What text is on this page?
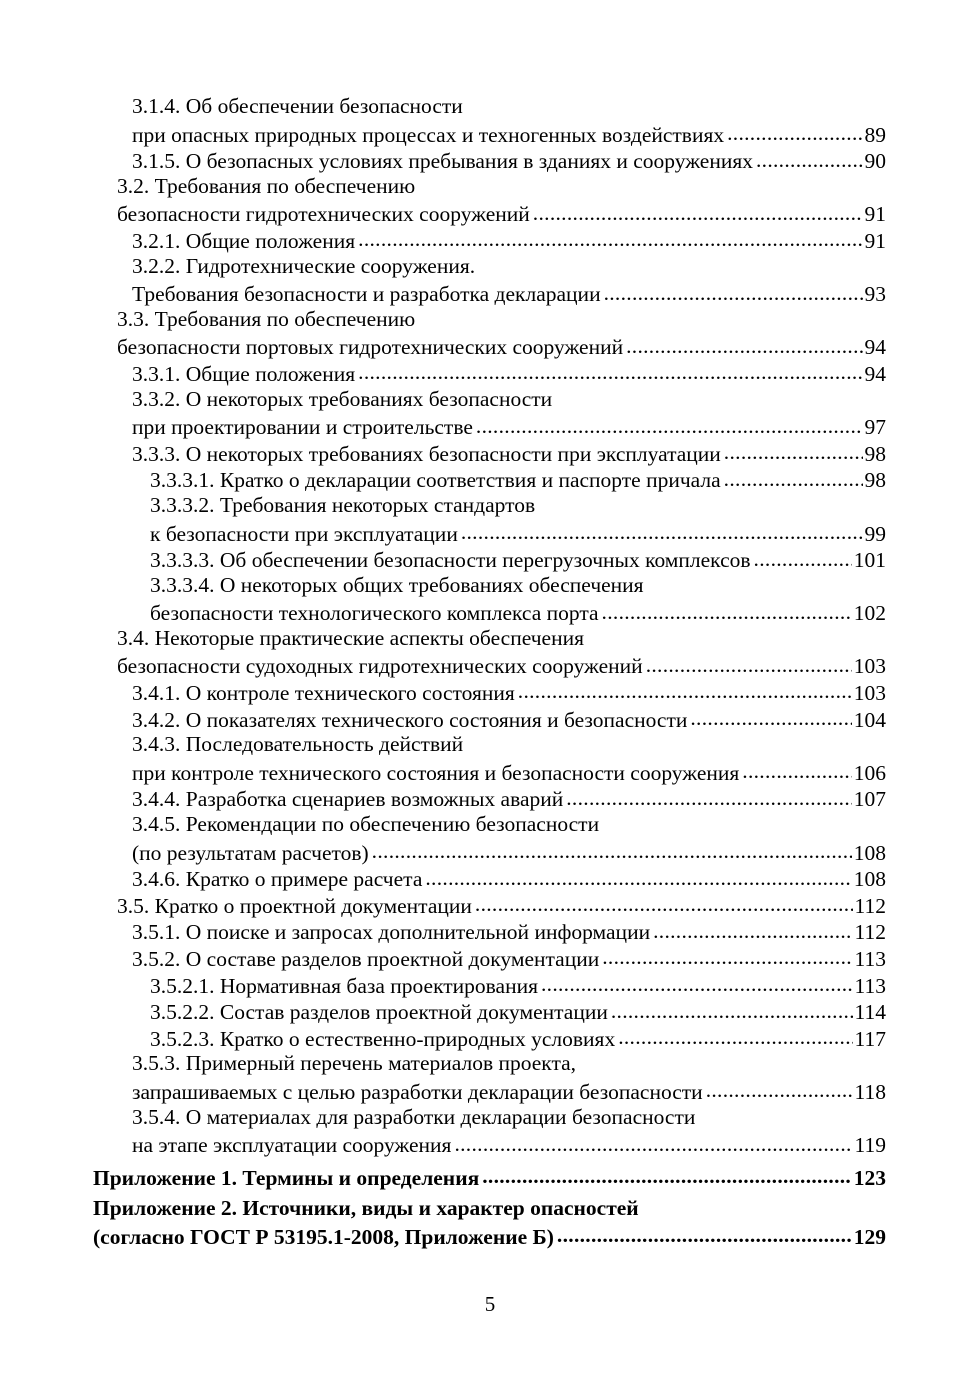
3.1.4. Об обеспечении безопасности
при опасных природных процессах и техногенных воздействиях .....	89
3.1.5. О безопасных условиях пребывания в зданиях и сооружениях .....	90
3.2. Требования по обеспечению
безопасности гидротехнических сооружений .....	91
3.2.1. Общие положения .....	91
3.2.2. Гидротехнические сооружения.
Требования безопасности и разработка декларации .....	93
3.3. Требования по обеспечению
безопасности портовых гидротехнических сооружений .....	94
3.3.1. Общие положения .....	94
3.3.2. О некоторых требованиях безопасности
при проектировании и строительстве .....	97
3.3.3. О некоторых требованиях безопасности при эксплуатации .....	98
3.3.3.1. Кратко о декларации соответствия и паспорте причала .....	98
3.3.3.2. Требования некоторых стандартов
к безопасности при эксплуатации .....	99
3.3.3.3. Об обеспечении безопасности перегрузочных комплексов .....	101
3.3.3.4. О некоторых общих требованиях обеспечения
безопасности технологического комплекса порта .....	102
3.4. Некоторые практические аспекты обеспечения
безопасности судоходных гидротехнических сооружений .....	103
3.4.1. О контроле технического состояния .....	103
3.4.2. О показателях технического состояния и безопасности .....	104
3.4.3. Последовательность действий
при контроле технического состояния и безопасности сооружения .....	106
3.4.4. Разработка сценариев возможных аварий .....	107
3.4.5. Рекомендации по обеспечению безопасности
(по результатам расчетов) .....	108
3.4.6. Кратко о примере расчета .....	108
3.5. Кратко о проектной документации .....	112
3.5.1. О поиске и запросах дополнительной информации .....	112
3.5.2. О составе разделов проектной документации .....	113
3.5.2.1. Нормативная база проектирования .....	113
3.5.2.2. Состав разделов проектной документации .....	114
3.5.2.3. Кратко о естественно-природных условиях .....	117
3.5.3. Примерный перечень материалов проекта,
запрашиваемых с целью разработки декларации безопасности .....	118
3.5.4. О материалах для разработки декларации безопасности
на этапе эксплуатации сооружения .....	119
Приложение 1. Термины и определения .....	123
Приложение 2. Источники, виды и характер опасностей
(согласно ГОСТ Р 53195.1-2008, Приложение Б) .....	129
5
